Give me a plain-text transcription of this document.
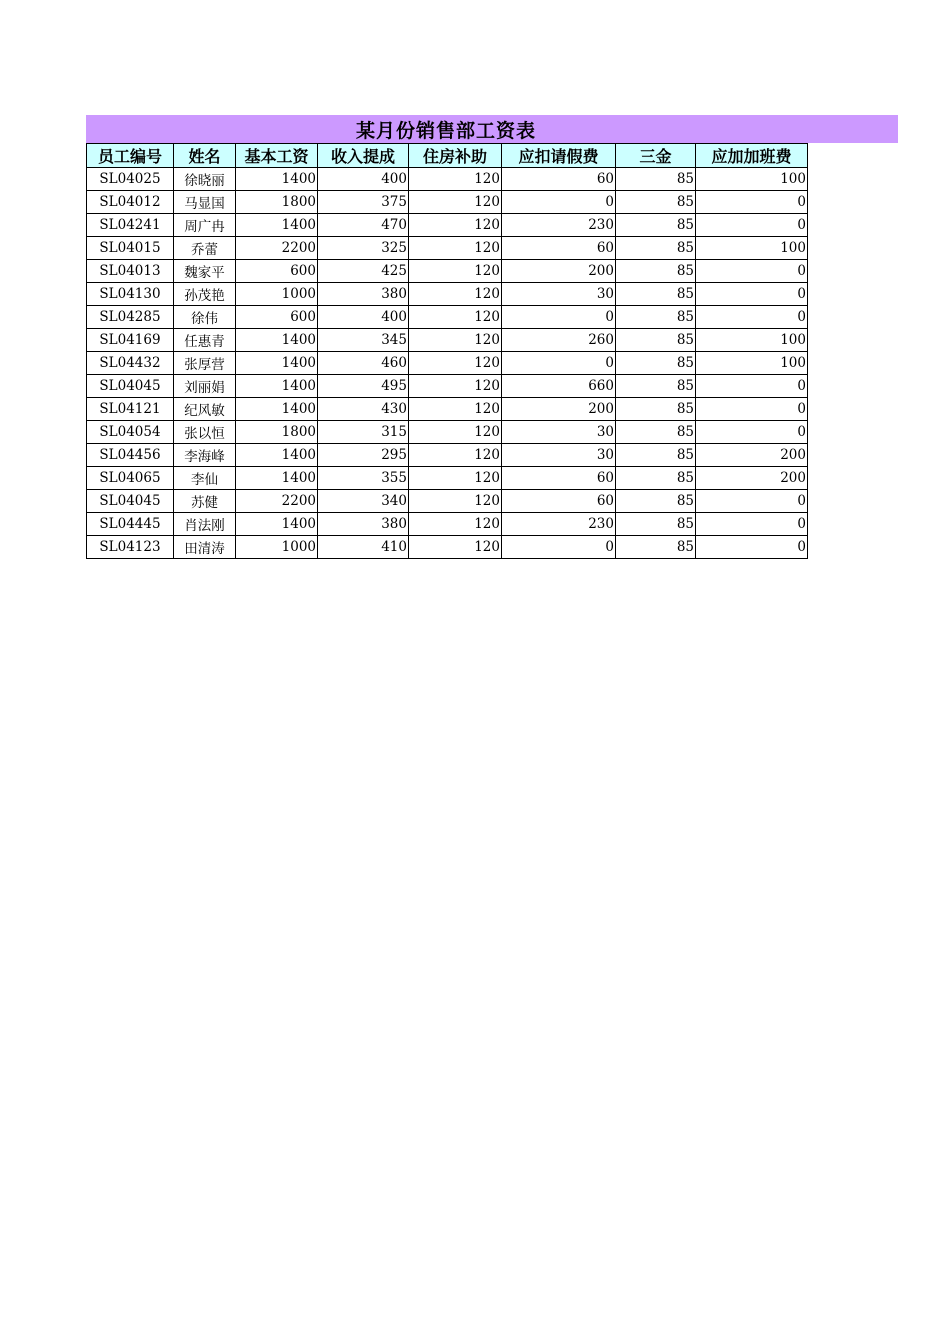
某月份销售部工资表
员工编号	姓名	基本工资	收入提成	住房补助	应扣请假费	三金	应加加班费
SL04025	徐晓丽	1400	400	120	60	85	100
SL04012	马显国	1800	375	120	0	85	0
SL04241	周广冉	1400	470	120	230	85	0
SL04015	乔蕾	2200	325	120	60	85	100
SL04013	魏家平	600	425	120	200	85	0
SL04130	孙茂艳	1000	380	120	30	85	0
SL04285	徐伟	600	400	120	0	85	0
SL04169	任惠青	1400	345	120	260	85	100
SL04432	张厚营	1400	460	120	0	85	100
SL04045	刘丽娟	1400	495	120	660	85	0
SL04121	纪风敏	1400	430	120	200	85	0
SL04054	张以恒	1800	315	120	30	85	0
SL04456	李海峰	1400	295	120	30	85	200
SL04065	李仙	1400	355	120	60	85	200
SL04045	苏健	2200	340	120	60	85	0
SL04445	肖法刚	1400	380	120	230	85	0
SL04123	田清涛	1000	410	120	0	85	0
